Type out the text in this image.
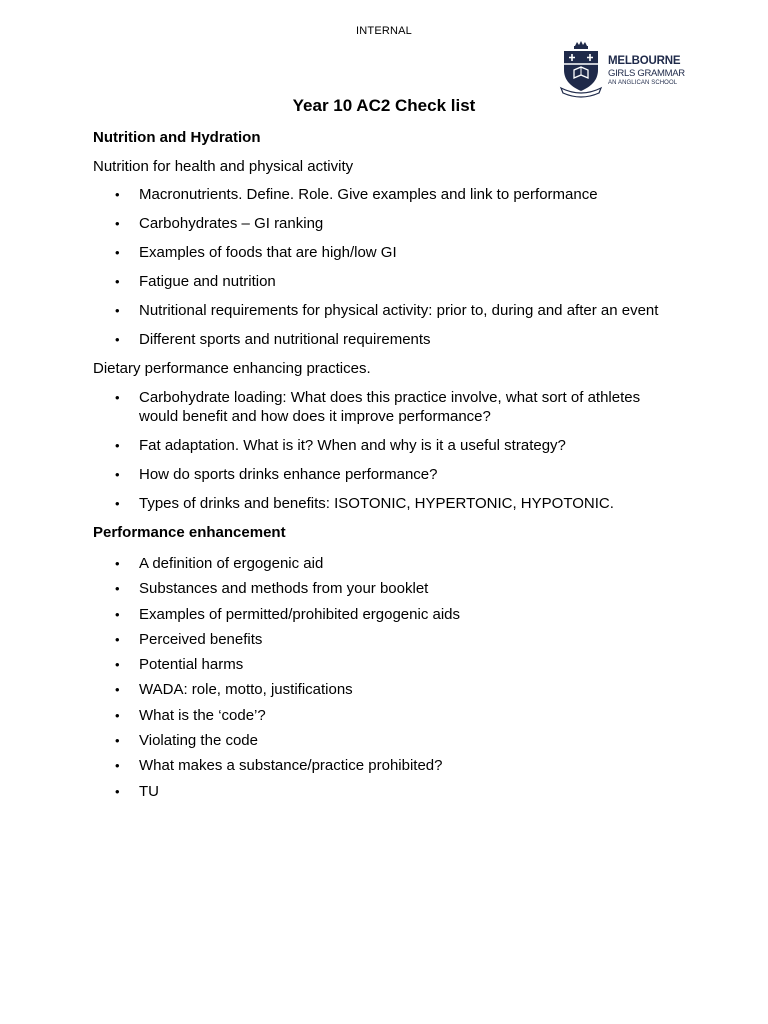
INTERNAL
MELBOURNE
GIRLS GRAMMAR
AN ANGLICAN SCHOOL
Year 10 AC2 Check list

Nutrition and Hydration

Nutrition for health and physical activity

• Macronutrients. Define. Role. Give examples and link to performance
• Carbohydrates – GI ranking
• Examples of foods that are high/low GI
• Fatigue and nutrition
• Nutritional requirements for physical activity: prior to, during and after an event
• Different sports and nutritional requirements

Dietary performance enhancing practices.

• Carbohydrate loading: What does this practice involve, what sort of athletes would benefit and how does it improve performance?
• Fat adaptation. What is it? When and why is it a useful strategy?
• How do sports drinks enhance performance?
• Types of drinks and benefits: ISOTONIC, HYPERTONIC, HYPOTONIC.

Performance enhancement

• A definition of ergogenic aid
• Substances and methods from your booklet
• Examples of permitted/prohibited ergogenic aids
• Perceived benefits
• Potential harms
• WADA: role, motto, justifications
• What is the ‘code’?
• Violating the code
• What makes a substance/practice prohibited?
• TU
